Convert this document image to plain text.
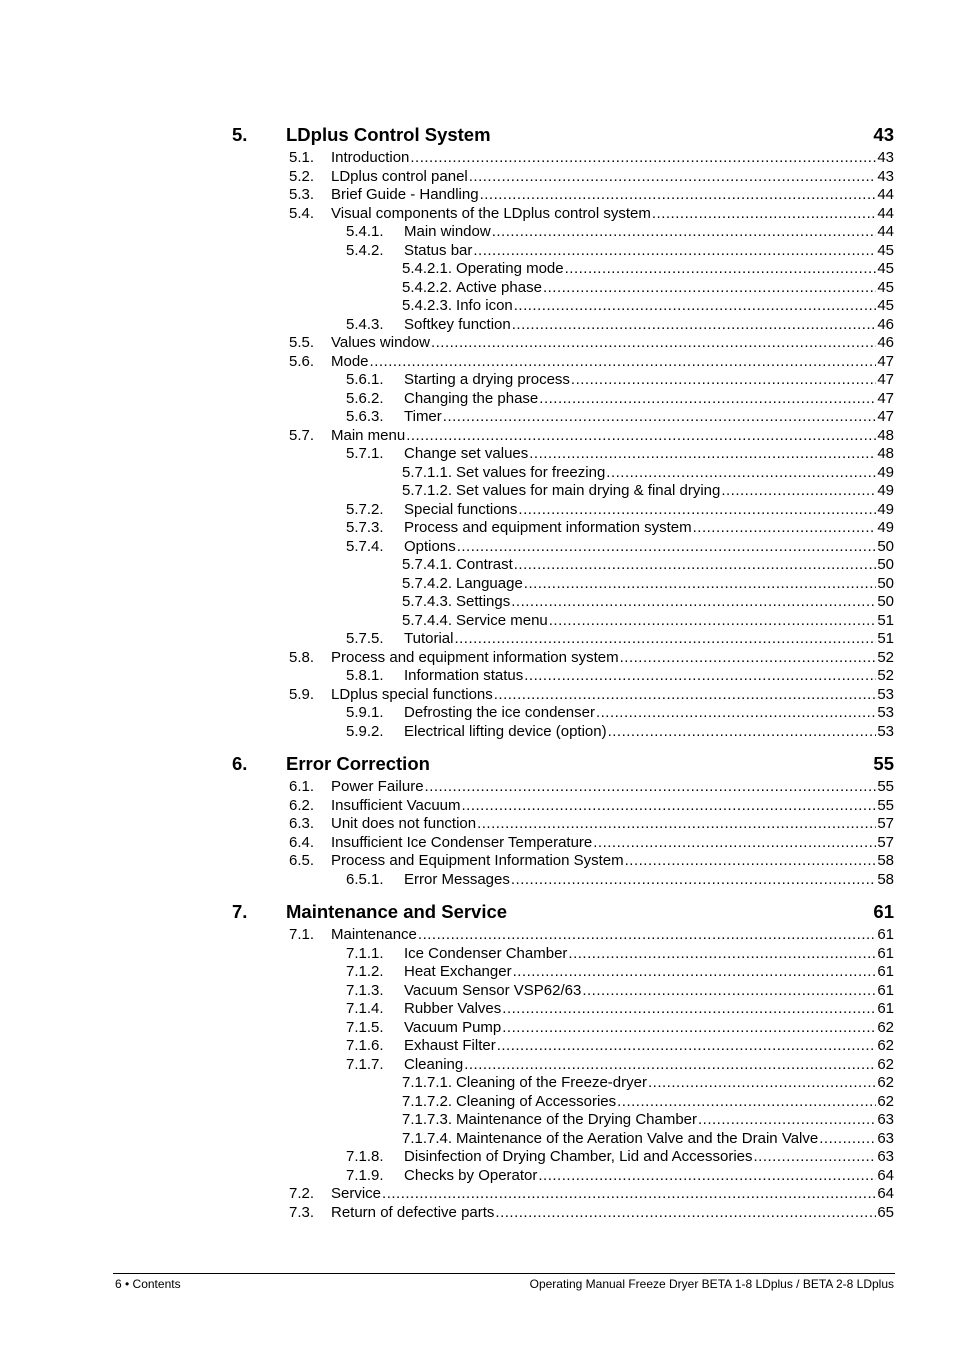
5.	LDplus Control System	43
5.1.	Introduction .....	43
5.2.	LDplus control panel .....	43
5.3.	Brief Guide - Handling .....	44
5.4.	Visual components of the LDplus control system .....	44
5.4.1.	Main window .....	44
5.4.2.	Status bar .....	45
5.4.2.1. Operating mode .....	45
5.4.2.2. Active phase .....	45
5.4.2.3. Info icon .....	45
5.4.3.	Softkey function .....	46
5.5.	Values window .....	46
5.6.	Mode .....	47
5.6.1.	Starting a drying process .....	47
5.6.2.	Changing the phase .....	47
5.6.3.	Timer .....	47
5.7.	Main menu .....	48
5.7.1.	Change set values .....	48
5.7.1.1. Set values for freezing .....	49
5.7.1.2. Set values for main drying & final drying .....	49
5.7.2.	Special functions .....	49
5.7.3.	Process and equipment information system .....	49
5.7.4.	Options .....	50
5.7.4.1. Contrast .....	50
5.7.4.2. Language .....	50
5.7.4.3. Settings .....	50
5.7.4.4. Service menu .....	51
5.7.5.	Tutorial .....	51
5.8.	Process and equipment information system .....	52
5.8.1.	Information status .....	52
5.9.	LDplus special functions .....	53
5.9.1.	Defrosting the ice condenser .....	53
5.9.2.	Electrical lifting device (option) .....	53
6.	Error Correction	55
6.1.	Power Failure .....	55
6.2.	Insufficient Vacuum .....	55
6.3.	Unit does not function .....	57
6.4.	Insufficient Ice Condenser Temperature .....	57
6.5.	Process and Equipment Information System .....	58
6.5.1.	Error Messages .....	58
7.	Maintenance and Service	61
7.1.	Maintenance .....	61
7.1.1.	Ice Condenser Chamber .....	61
7.1.2.	Heat Exchanger .....	61
7.1.3.	Vacuum Sensor VSP62/63 .....	61
7.1.4.	Rubber Valves .....	61
7.1.5.	Vacuum Pump .....	62
7.1.6.	Exhaust Filter .....	62
7.1.7.	Cleaning .....	62
7.1.7.1. Cleaning of the Freeze-dryer .....	62
7.1.7.2. Cleaning of Accessories .....	62
7.1.7.3. Maintenance of the Drying Chamber .....	63
7.1.7.4. Maintenance of the Aeration Valve and the Drain Valve .....	63
7.1.8.	Disinfection of Drying Chamber, Lid and Accessories .....	63
7.1.9.	Checks by Operator .....	64
7.2.	Service .....	64
7.3.	Return of defective parts .....	65
6 • Contents	Operating Manual Freeze Dryer BETA 1-8 LDplus / BETA 2-8 LDplus
